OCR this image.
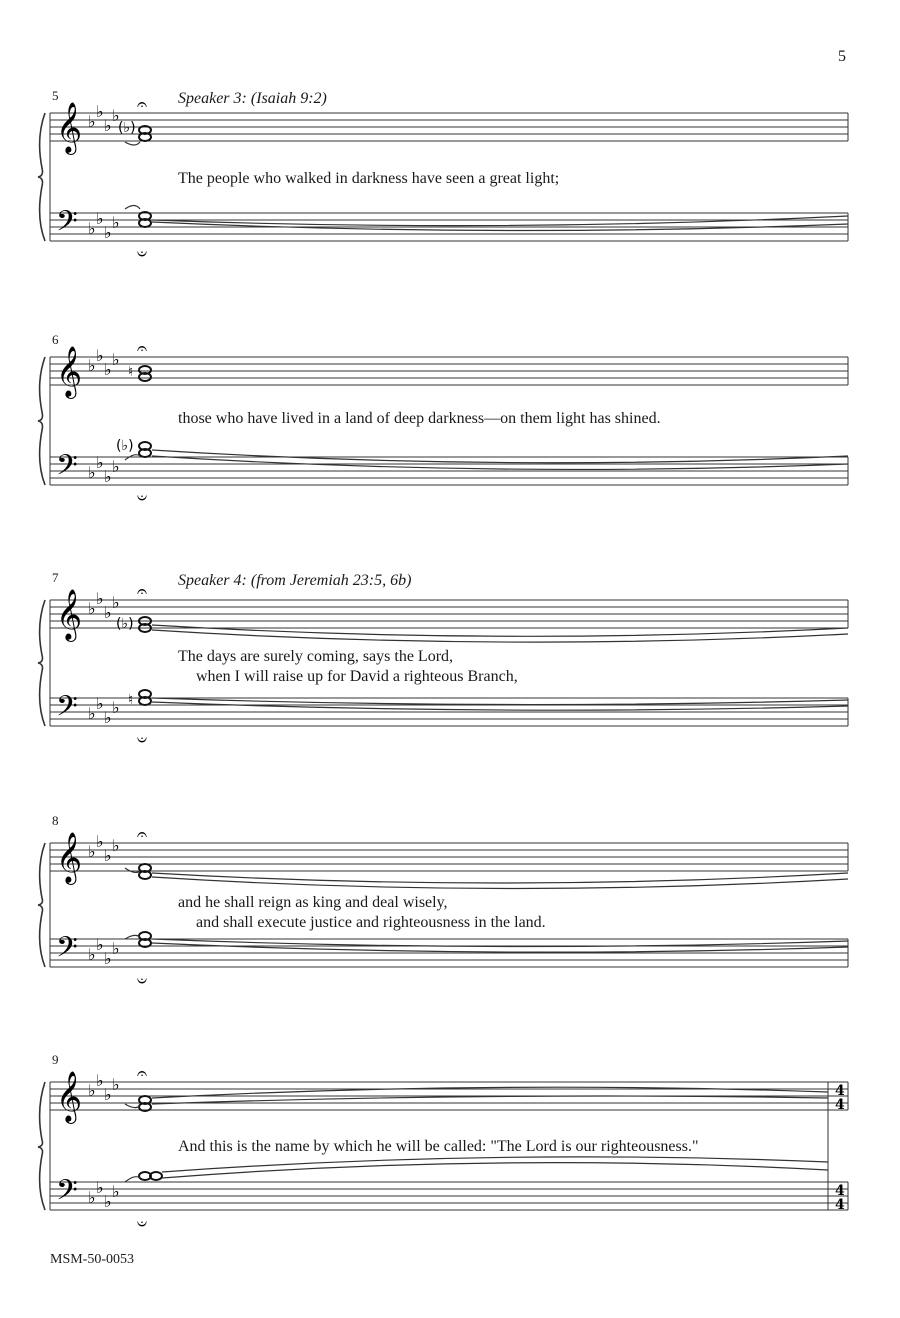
5
5	Speaker 3: (Isaiah 9:2)
𝄞
𝄢
♭
♭
♭
♭
♭
♭
♭
♭
𝄐
(♭)
𝄑
The people who walked in darkness have seen a great light;
6
𝄞
𝄢
♭
♭
♭
♭
♭
♭
♭
♭
𝄐
♮
(♭)
𝄑
those who have lived in a land of deep darkness—on them light has shined.
7	Speaker 4: (from Jeremiah 23:5, 6b)
𝄞
𝄢
♭
♭
♭
♭
♭
♭
♭
♭
𝄐
(♭)
♮
𝄑
The days are surely coming, says the Lord,
when I will raise up for David a righteous Branch,
8
𝄞
𝄢
♭
♭
♭
♭
♭
♭
♭
♭
𝄐
𝄑
and he shall reign as king and deal wisely,
and shall execute justice and righteousness in the land.
9
𝄞
𝄢
♭
♭
♭
♭
♭
♭
♭
♭
𝄐
𝄑
4
4
4
4
And this is the name by which he will be called: "The Lord is our righteousness."
MSM-50-0053
